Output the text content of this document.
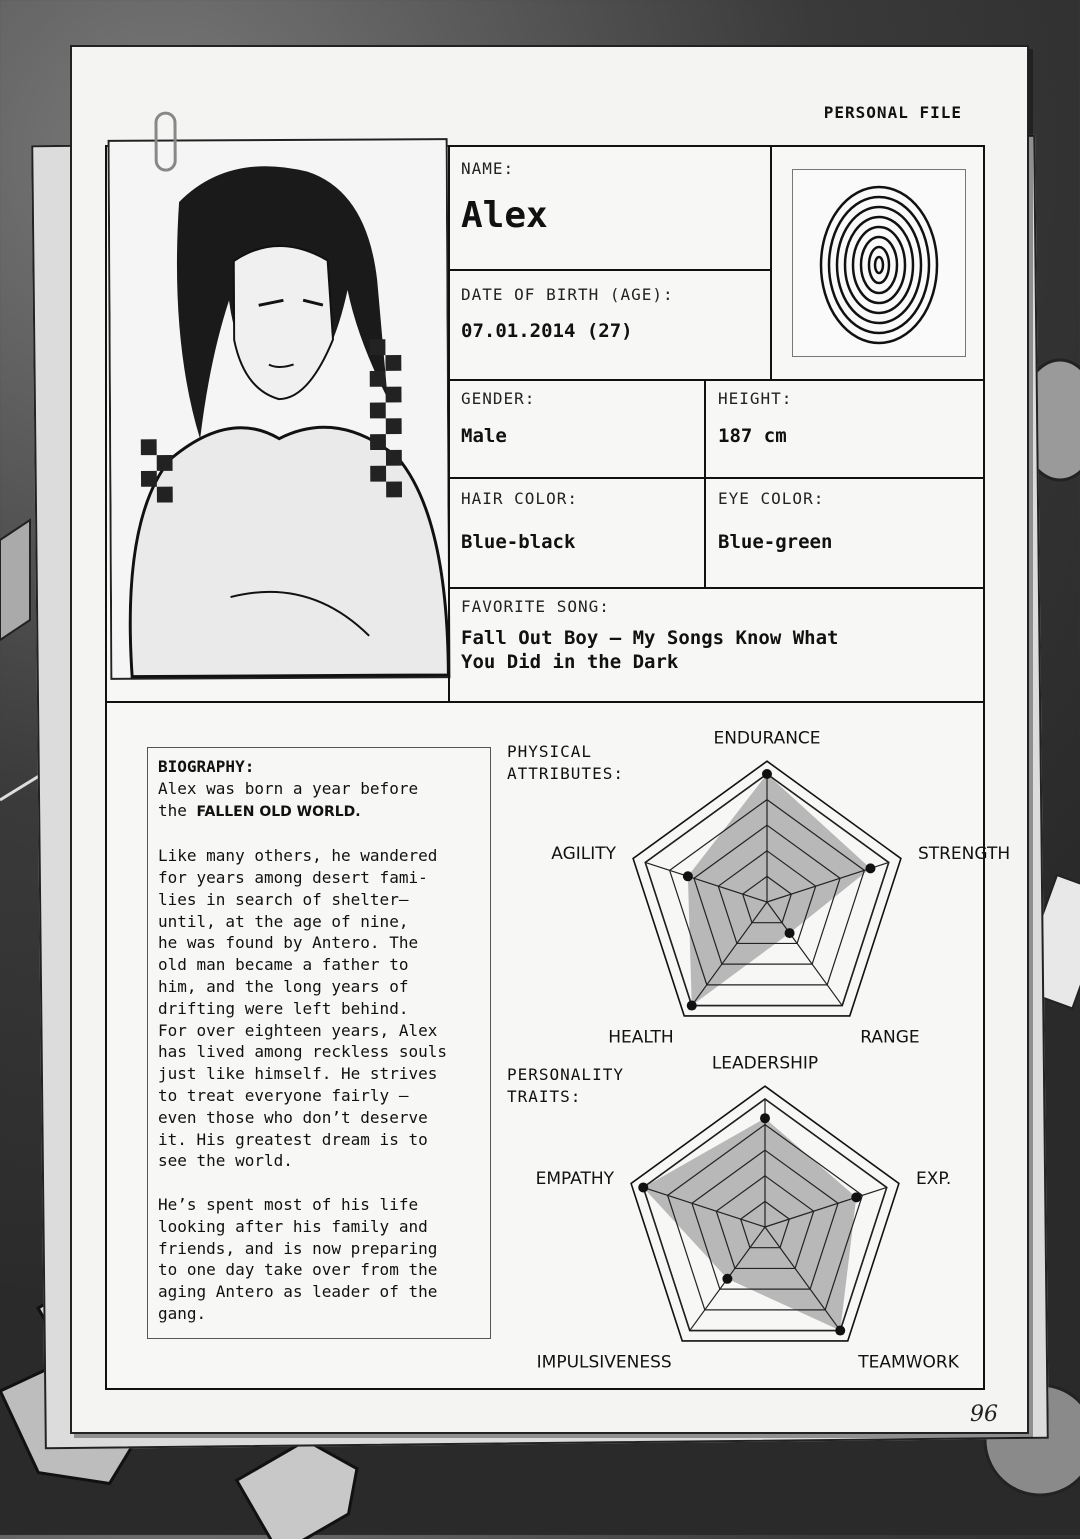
PERSONAL FILE
NAME:
Alex
DATE OF BIRTH (AGE):
07.01.2014 (27)
GENDER:
Male
HEIGHT:
187 cm
HAIR COLOR:
Blue-black
EYE COLOR:
Blue-green
FAVORITE SONG:
Fall Out Boy — My Songs Know What
You Did in the Dark

BIOGRAPHY:

Alex was born a year before

the FALLEN OLD WORLD.

Like many others, he wandered
for years among desert fami-
lies in search of shelter—
until, at the age of nine,
he was found by Antero. The
old man became a father to
him, and the long years of
drifting were left behind.
For over eighteen years, Alex
has lived among reckless souls
just like himself. He strives
to treat everyone fairly —
even those who don’t deserve
it. His greatest dream is to
see the world.

He’s spent most of his life
looking after his family and
friends, and is now preparing
to one day take over from the
aging Antero as leader of the
gang.

PHYSICAL
ATTRIBUTES:
PERSONALITY
TRAITS:
ENDURANCE
STRENGTH
RANGE
HEALTH
AGILITY
LEADERSHIP
EXP.
TEAMWORK
IMPULSIVENESS
EMPATHY
96
